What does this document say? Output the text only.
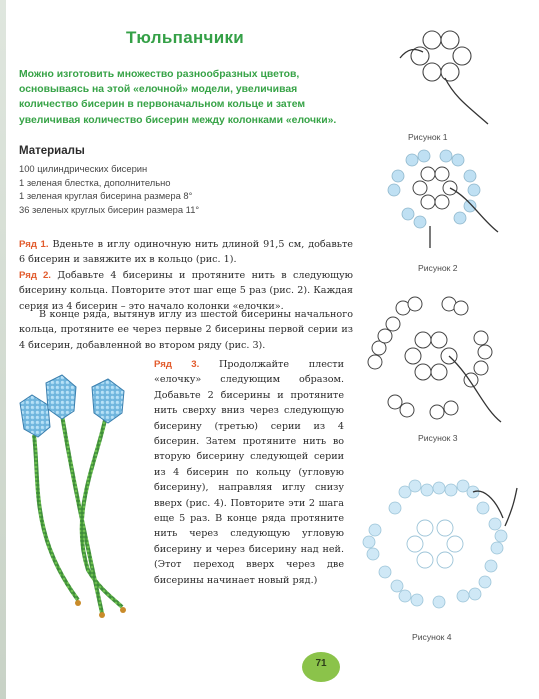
Тюльпанчики
Можно изготовить множество разнообразных цветов, основываясь на этой «елочной» модели, увеличивая количество бисерин в первоначальном кольце и затем увеличивая количество бисерин между колонками «елочки».
Материалы
100 цилиндрических бисерин
1 зеленая блестка, дополнительно
1 зеленая круглая бисерина размера 8°
36 зеленых круглых бисерин размера 11°
Ряд 1. Вденьте в иглу одиночную нить длиной 91,5 см, добавьте 6 бисерин и завяжите их в кольцо (рис. 1).
Ряд 2. Добавьте 4 бисерины и протяните нить в следующую бисерину кольца. Повторите этот шаг еще 5 раз (рис. 2). Каждая серия из 4 бисерин – это начало колонки «елочки».
В конце ряда, вытянув иглу из шестой бисерины начального кольца, протяните ее через первые 2 бисерины первой серии из 4 бисерин, добавленной во втором ряду (рис. 3).
Ряд 3. Продолжайте плести «елочку» следующим образом. Добавьте 2 бисерины и протяните нить сверху вниз через следующую бисерину (третью) серии из 4 бисерин. Затем протяните нить во вторую бисерину следующей серии из 4 бисерин по кольцу (угловую бисерину), направляя иглу снизу вверх (рис. 4). Повторите эти 2 шага еще 5 раз. В конце ряда протяните нить через следующую угловую бисерину и через бисерину над ней. (Этот переход вверх через две бисерины начинает новый ряд.)
Рисунок 1
Рисунок 2
Рисунок 3
Рисунок 4
71
